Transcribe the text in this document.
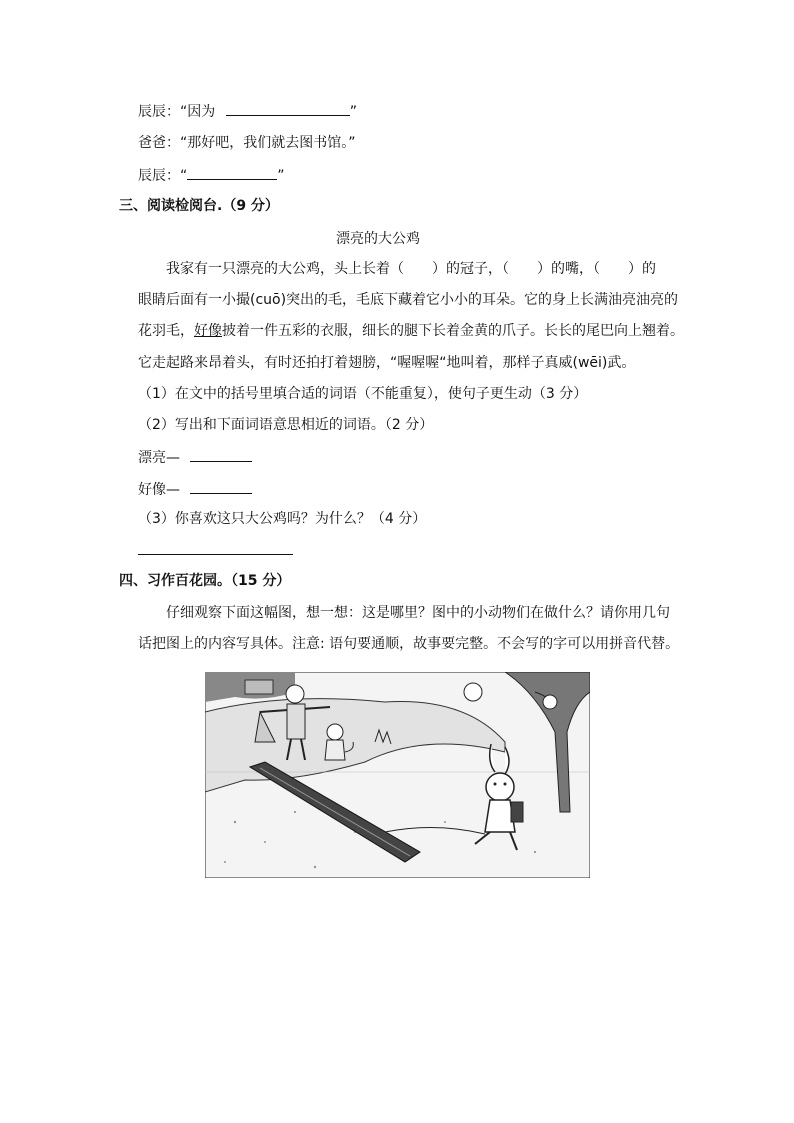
辰辰：“因为	”
爸爸：“那好吧，我们就去图书馆。”
辰辰：“	”
三、阅读检阅台.（9 分）
漂亮的大公鸡
我家有一只漂亮的大公鸡，头上长着（ ）的冠子，（ ）的嘴，（ ）的
眼睛后面有一小撮(cuō)突出的毛，毛底下藏着它小小的耳朵。它的身上长满油亮油亮的
花羽毛，好像披着一件五彩的衣服，细长的腿下长着金黄的爪子。长长的尾巴向上翘着。
它走起路来昂着头，有时还拍打着翅膀，“喔喔喔“地叫着，那样子真威(wēi)武。
（1）在文中的括号里填合适的词语（不能重复），使句子更生动（3 分）
（2）写出和下面词语意思相近的词语。（2 分）
漂亮—
好像—
（3）你喜欢这只大公鸡吗？为什么？（4 分）
四、习作百花园。（15 分）
仔细观察下面这幅图，想一想：这是哪里？图中的小动物们在做什么？请你用几句
话把图上的内容写具体。注意: 语句要通顺，故事要完整。不会写的字可以用拼音代替。
